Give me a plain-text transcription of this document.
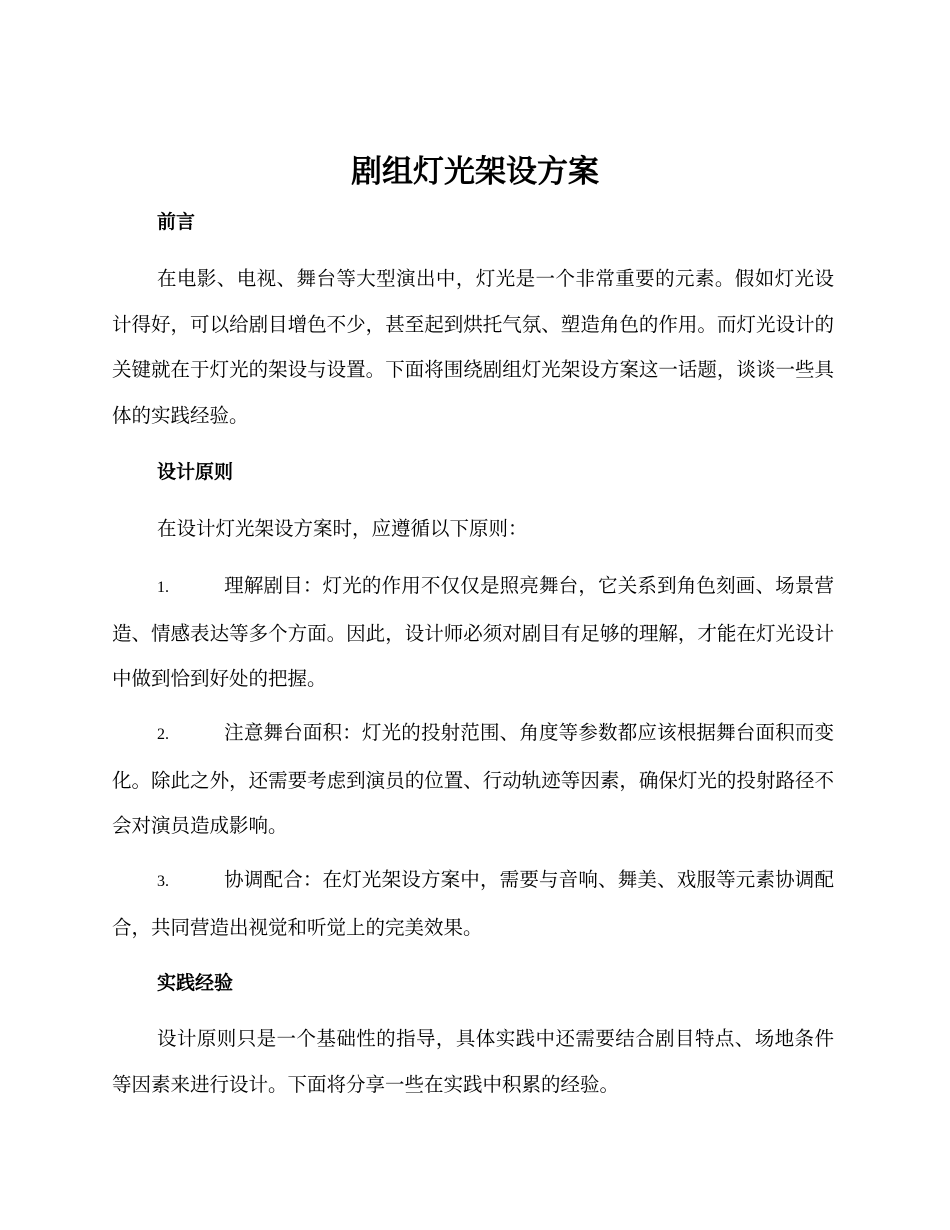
剧组灯光架设方案
前言

在电影、电视、舞台等大型演出中，灯光是一个非常重要的元素。假如灯光设计得好，可以给剧目增色不少，甚至起到烘托气氛、塑造角色的作用。而灯光设计的关键就在于灯光的架设与设置。下面将围绕剧组灯光架设方案这一话题，谈谈一些具体的实践经验。

设计原则

在设计灯光架设方案时，应遵循以下原则：

1.	理解剧目：灯光的作用不仅仅是照亮舞台，它关系到角色刻画、场景营造、情感表达等多个方面。因此，设计师必须对剧目有足够的理解，才能在灯光设计中做到恰到好处的把握。

2.	注意舞台面积：灯光的投射范围、角度等参数都应该根据舞台面积而变化。除此之外，还需要考虑到演员的位置、行动轨迹等因素，确保灯光的投射路径不会对演员造成影响。

3.	协调配合：在灯光架设方案中，需要与音响、舞美、戏服等元素协调配合，共同营造出视觉和听觉上的完美效果。

实践经验

设计原则只是一个基础性的指导，具体实践中还需要结合剧目特点、场地条件等因素来进行设计。下面将分享一些在实践中积累的经验。
